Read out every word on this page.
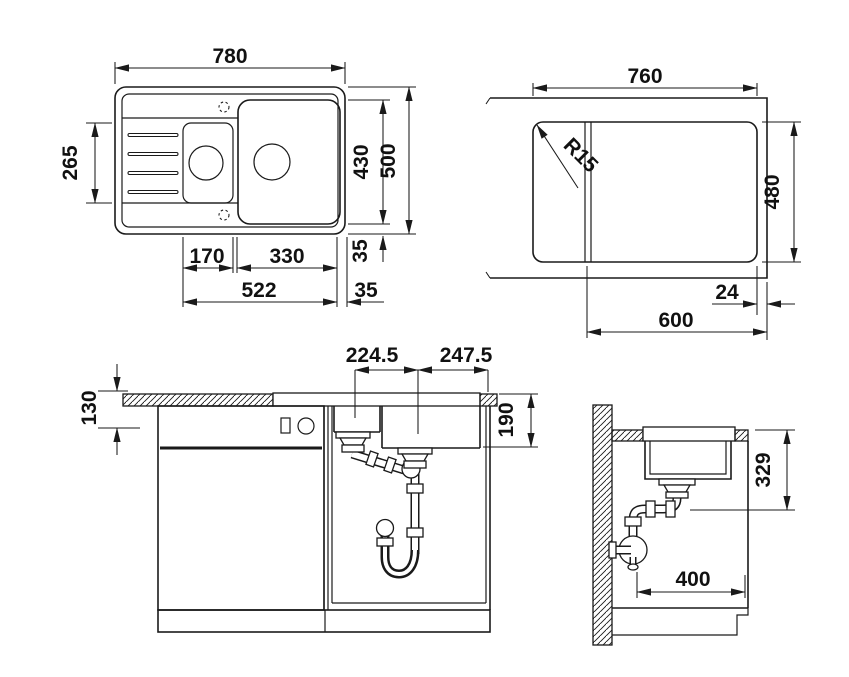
780
265	430 500
35
170 330
522	35
760
R15
480
24
600
224.5 247.5
130	190
329
400
